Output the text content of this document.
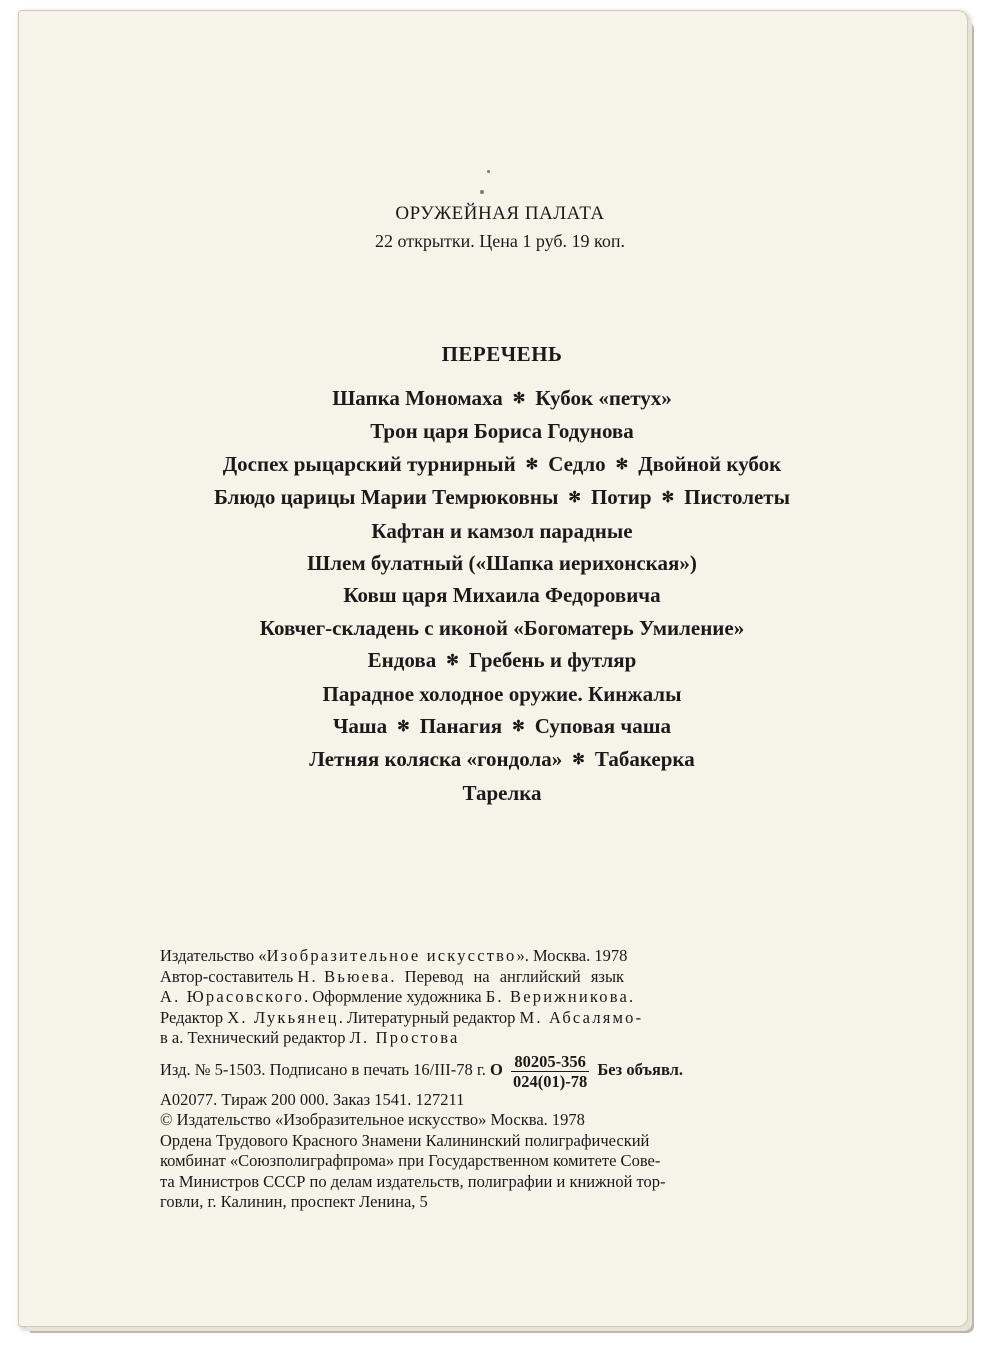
ОРУЖЕЙНАЯ ПАЛАТА
22 открытки. Цена 1 руб. 19 коп.
ПЕРЕЧЕНЬ
Шапка Мономаха ✻ Кубок «петух»
Трон царя Бориса Годунова
Доспех рыцарский турнирный ✻ Седло ✻ Двойной кубок
Блюдо царицы Марии Темрюковны ✻ Потир ✻ Пистолеты
Кафтан и камзол парадные
Шлем булатный («Шапка иерихонская»)
Ковш царя Михаила Федоровича
Ковчег-складень с иконой «Богоматерь Умиление»
Ендова ✻ Гребень и футляр
Парадное холодное оружие. Кинжалы
Чаша ✻ Панагия ✻ Суповая чаша
Летняя коляска «гондола» ✻ Табакерка
Тарелка
Издательство «Изобразительное искусство». Москва. 1978
Автор-составитель Н. Вьюева. Перевод на английский язык
А. Юрасовского. Оформление художника Б. Верижникова.
Редактор Х. Лукьянец. Литературный редактор М. Абсалямо-
в а. Технический редактор Л. Простова
Изд. № 5-1503. Подписано в печать 16/III-78 г. О $\frac{80205-356}{024(01)-78}$ Без объявл.
А02077. Тираж 200 000. Заказ 1541. 127211
© Издательство «Изобразительное искусство» Москва. 1978
Ордена Трудового Красного Знамени Калининский полиграфический
комбинат «Союзполиграфпрома» при Государственном комитете Сове-
та Министров СССР по делам издательств, полиграфии и книжной тор-
говли, г. Калинин, проспект Ленина, 5
